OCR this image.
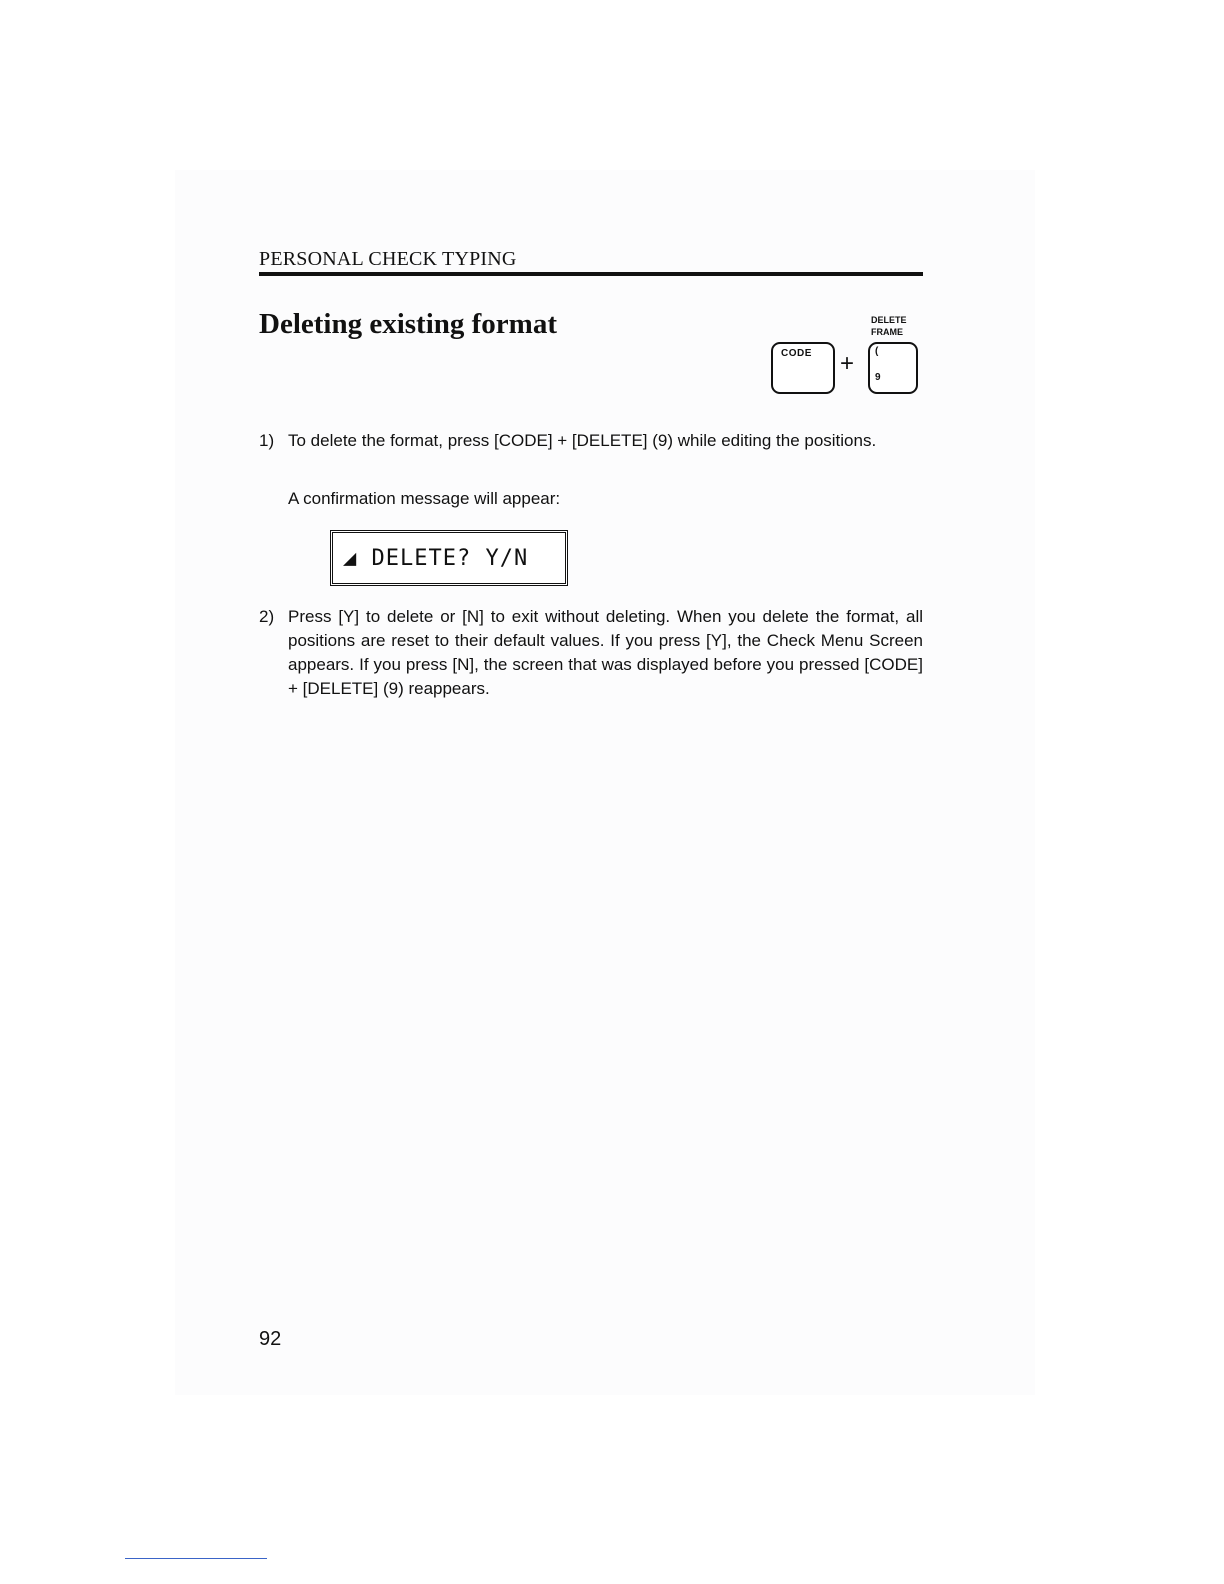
PERSONAL CHECK TYPING
Deleting existing format	DELETE
FRAME
CODE + (
9
1) To delete the format, press [CODE] + [DELETE] (9) while editing the positions.

A confirmation message will appear:
◢ DELETE? Y/N
2) Press [Y] to delete or [N] to exit without deleting. When you delete the format, all positions are reset to their default values. If you press [Y], the Check Menu Screen appears. If you press [N], the screen that was displayed before you pressed [CODE] + [DELETE] (9) reappears.

92
